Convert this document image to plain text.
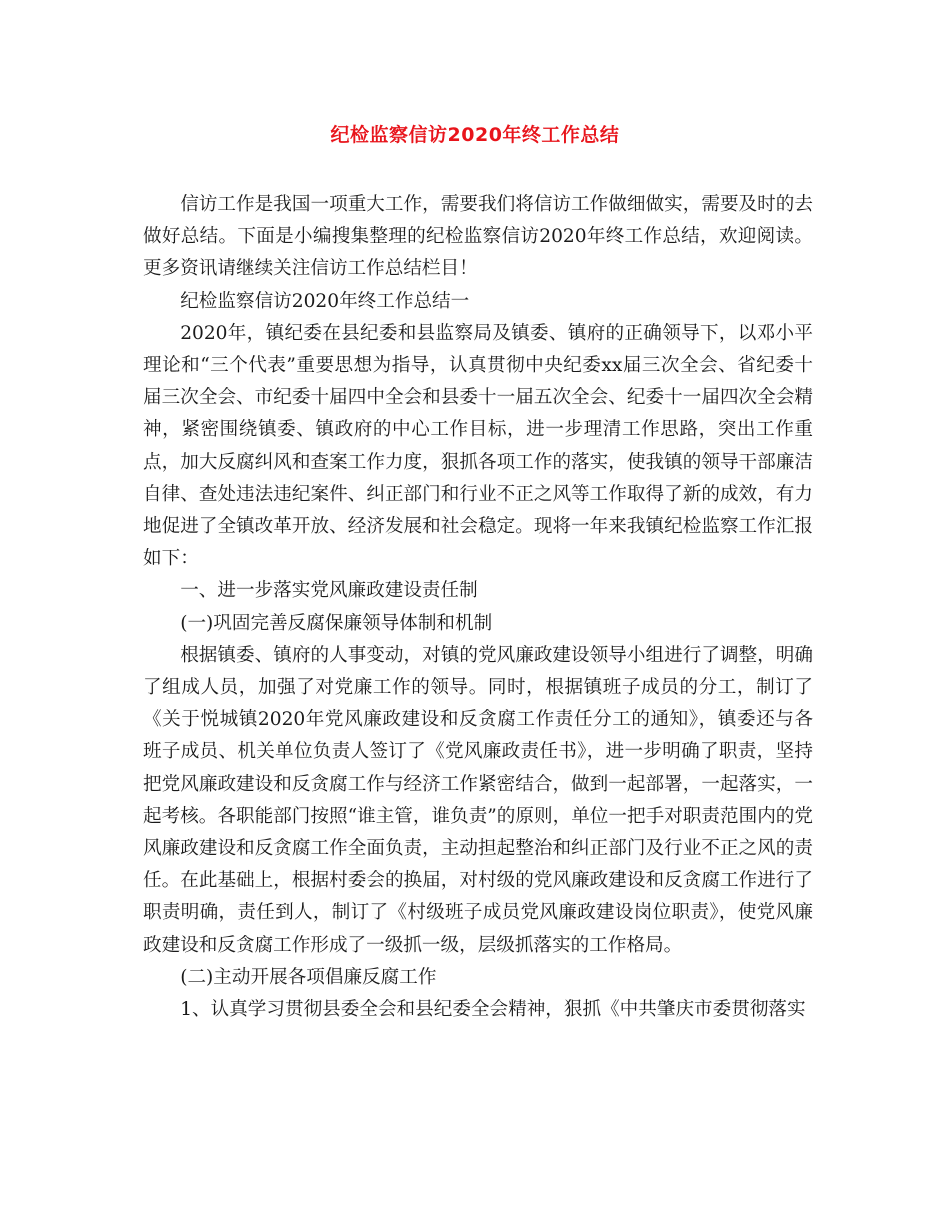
纪检监察信访2020年终工作总结

信访工作是我国一项重大工作，需要我们将信访工作做细做实，需要及时的去做好总结。下面是小编搜集整理的纪检监察信访2020年终工作总结，欢迎阅读。更多资讯请继续关注信访工作总结栏目！

纪检监察信访2020年终工作总结一

2020年，镇纪委在县纪委和县监察局及镇委、镇府的正确领导下，以邓小平理论和“三个代表”重要思想为指导，认真贯彻中央纪委xx届三次全会、省纪委十届三次全会、市纪委十届四中全会和县委十一届五次全会、纪委十一届四次全会精神，紧密围绕镇委、镇政府的中心工作目标，进一步理清工作思路，突出工作重点，加大反腐纠风和查案工作力度，狠抓各项工作的落实，使我镇的领导干部廉洁自律、查处违法违纪案件、纠正部门和行业不正之风等工作取得了新的成效，有力地促进了全镇改革开放、经济发展和社会稳定。现将一年来我镇纪检监察工作汇报如下：

一、进一步落实党风廉政建设责任制

(一)巩固完善反腐保廉领导体制和机制

根据镇委、镇府的人事变动，对镇的党风廉政建设领导小组进行了调整，明确了组成人员，加强了对党廉工作的领导。同时，根据镇班子成员的分工，制订了《关于悦城镇2020年党风廉政建设和反贪腐工作责任分工的通知》，镇委还与各班子成员、机关单位负责人签订了《党风廉政责任书》，进一步明确了职责，坚持把党风廉政建设和反贪腐工作与经济工作紧密结合，做到一起部署，一起落实，一起考核。各职能部门按照“谁主管，谁负责”的原则，单位一把手对职责范围内的党风廉政建设和反贪腐工作全面负责，主动担起整治和纠正部门及行业不正之风的责任。在此基础上，根据村委会的换届，对村级的党风廉政建设和反贪腐工作进行了职责明确，责任到人，制订了《村级班子成员党风廉政建设岗位职责》，使党风廉政建设和反贪腐工作形成了一级抓一级，层级抓落实的工作格局。

(二)主动开展各项倡廉反腐工作

1、认真学习贯彻县委全会和县纪委全会精神，狠抓《中共肇庆市委贯彻落实
